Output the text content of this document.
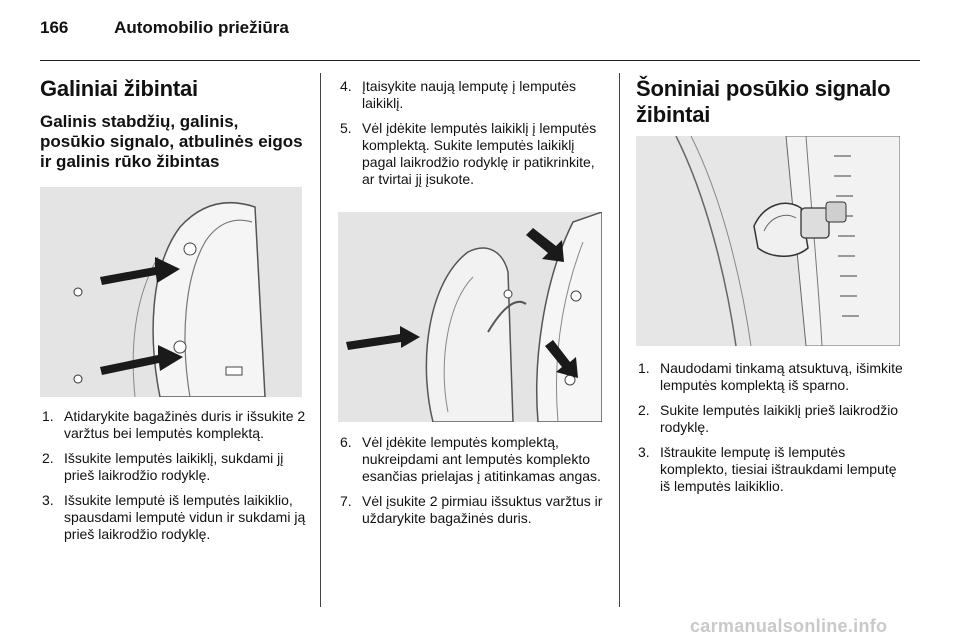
166	Automobilio priežiūra
Galiniai žibintai
Galinis stabdžių, galinis, posūkio signalo, atbulinės eigos ir galinis rūko žibintas
1. Atidarykite bagažinės duris ir išsukite 2 varžtus bei lemputės komplektą.
2. Išsukite lemputės laikiklį, sukdami jį prieš laikrodžio rodyklę.
3. Išsukite lemputė iš lemputės laikiklio, spausdami lemputė vidun ir sukdami ją prieš laikrodžio rodyklę.
4. Įtaisykite naują lemputę į lemputės laikiklį.
5. Vėl įdėkite lemputės laikiklį į lemputės komplektą. Sukite lemputės laikiklį pagal laikrodžio rodyklę ir patikrinkite, ar tvirtai jį įsukote.
6. Vėl įdėkite lemputės komplektą, nukreipdami ant lemputės komplekto esančias prielajas į atitinkamas angas.
7. Vėl įsukite 2 pirmiau išsuktus varžtus ir uždarykite bagažinės duris.
Šoniniai posūkio signalo žibintai
1. Naudodami tinkamą atsuktuvą, išimkite lemputės komplektą iš sparno.
2. Sukite lemputės laikiklį prieš laikrodžio rodyklę.
3. Ištraukite lemputę iš lemputės komplekto, tiesiai ištraukdami lemputę iš lemputės laikiklio.
carmanualsonline.info
